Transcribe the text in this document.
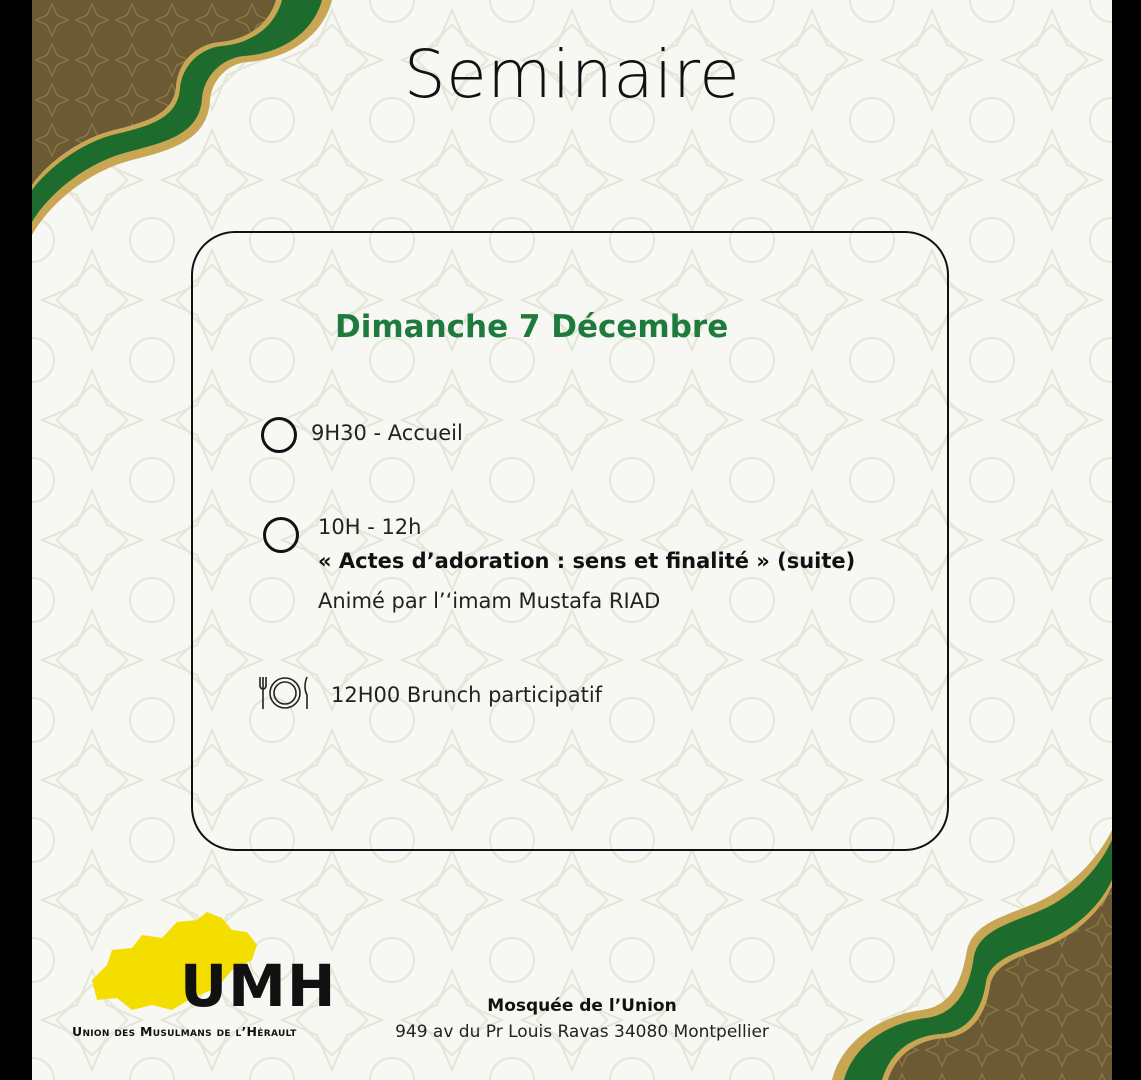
Seminaire
Dimanche 7 Décembre
9H30 - Accueil
10H - 12h
« Actes d’adoration : sens et finalité » (suite)
Animé par l’‘imam Mustafa RIAD
12H00 Brunch participatif
UMH
Union des Musulmans de l’Hérault
Mosquée de l’Union
949 av du Pr Louis Ravas 34080 Montpellier
